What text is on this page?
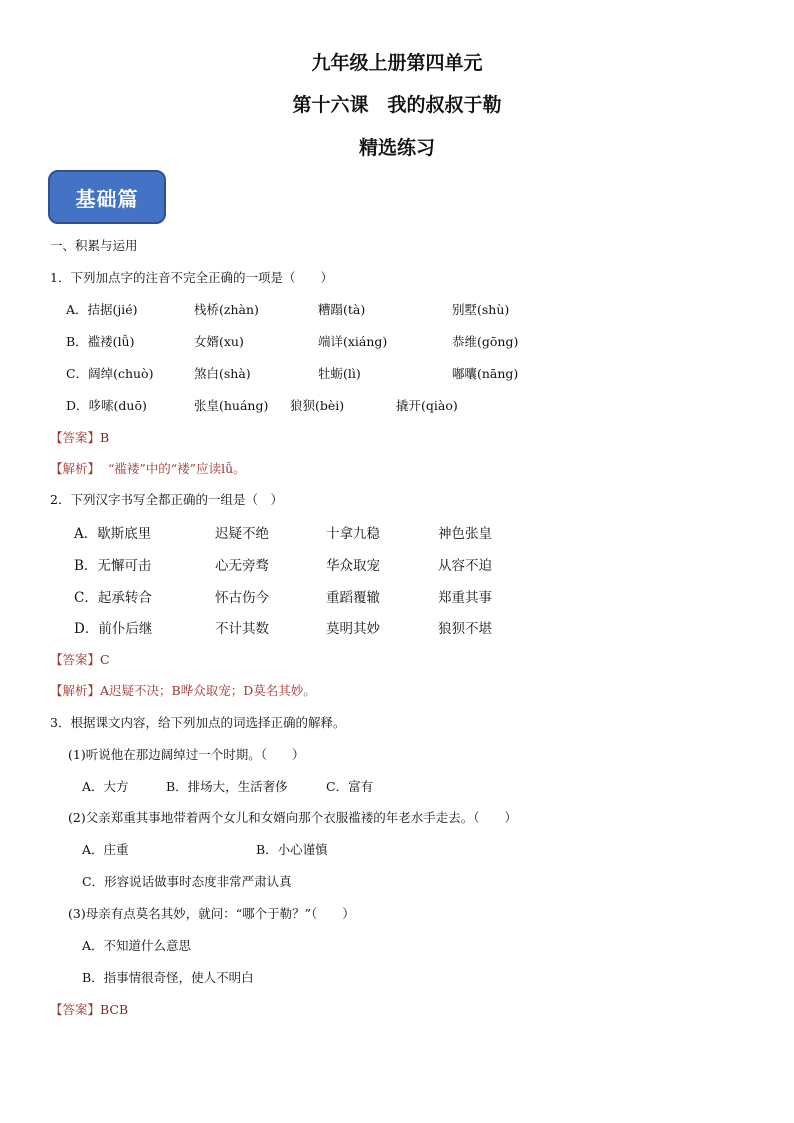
九年级上册第四单元
第十六课　我的叔叔于勒
精选练习
基础篇
一、积累与运用
1．下列加点字的注音不完全正确的一项是（　　）
A．拮据(jié)	栈桥(zhàn)	糟蹋(tà)	别墅(shù)
B．褴褛(lǚ)	女婿(xu)	端详(xiáng)	恭维(gōng)
C．阔绰(chuò)	煞白(shà)	牡蛎(lì)	嘟囔(nāng)
D．哆嗦(duō)	张皇(huáng) 狼狈(bèi)	撬开(qiào)
【答案】B
【解析】 “褴褛”中的“褛”应读lǚ。
2．下列汉字书写全都正确的一组是（　）
A．歇斯底里	迟疑不绝	十拿九稳	神色张皇
B．无懈可击	心无旁骛	华众取宠	从容不迫
C．起承转合	怀古伤今	重蹈覆辙	郑重其事
D．前仆后继	不计其数	莫明其妙	狼狈不堪
【答案】C
【解析】A迟疑不决；B哗众取宠；D莫名其妙。
3．根据课文内容，给下列加点的词选择正确的解释。
(1)听说他在那边阔绰过一个时期。（　　）
A．大方	B．排场大，生活奢侈	C．富有
(2)父亲郑重其事地带着两个女儿和女婿向那个衣服褴褛的年老水手走去。（　　）
A．庄重	B．小心谨慎
C．形容说话做事时态度非常严肃认真
(3)母亲有点莫名其妙，就问：“哪个于勒？”（　　）
A．不知道什么意思
B．指事情很奇怪，使人不明白
【答案】BCB
